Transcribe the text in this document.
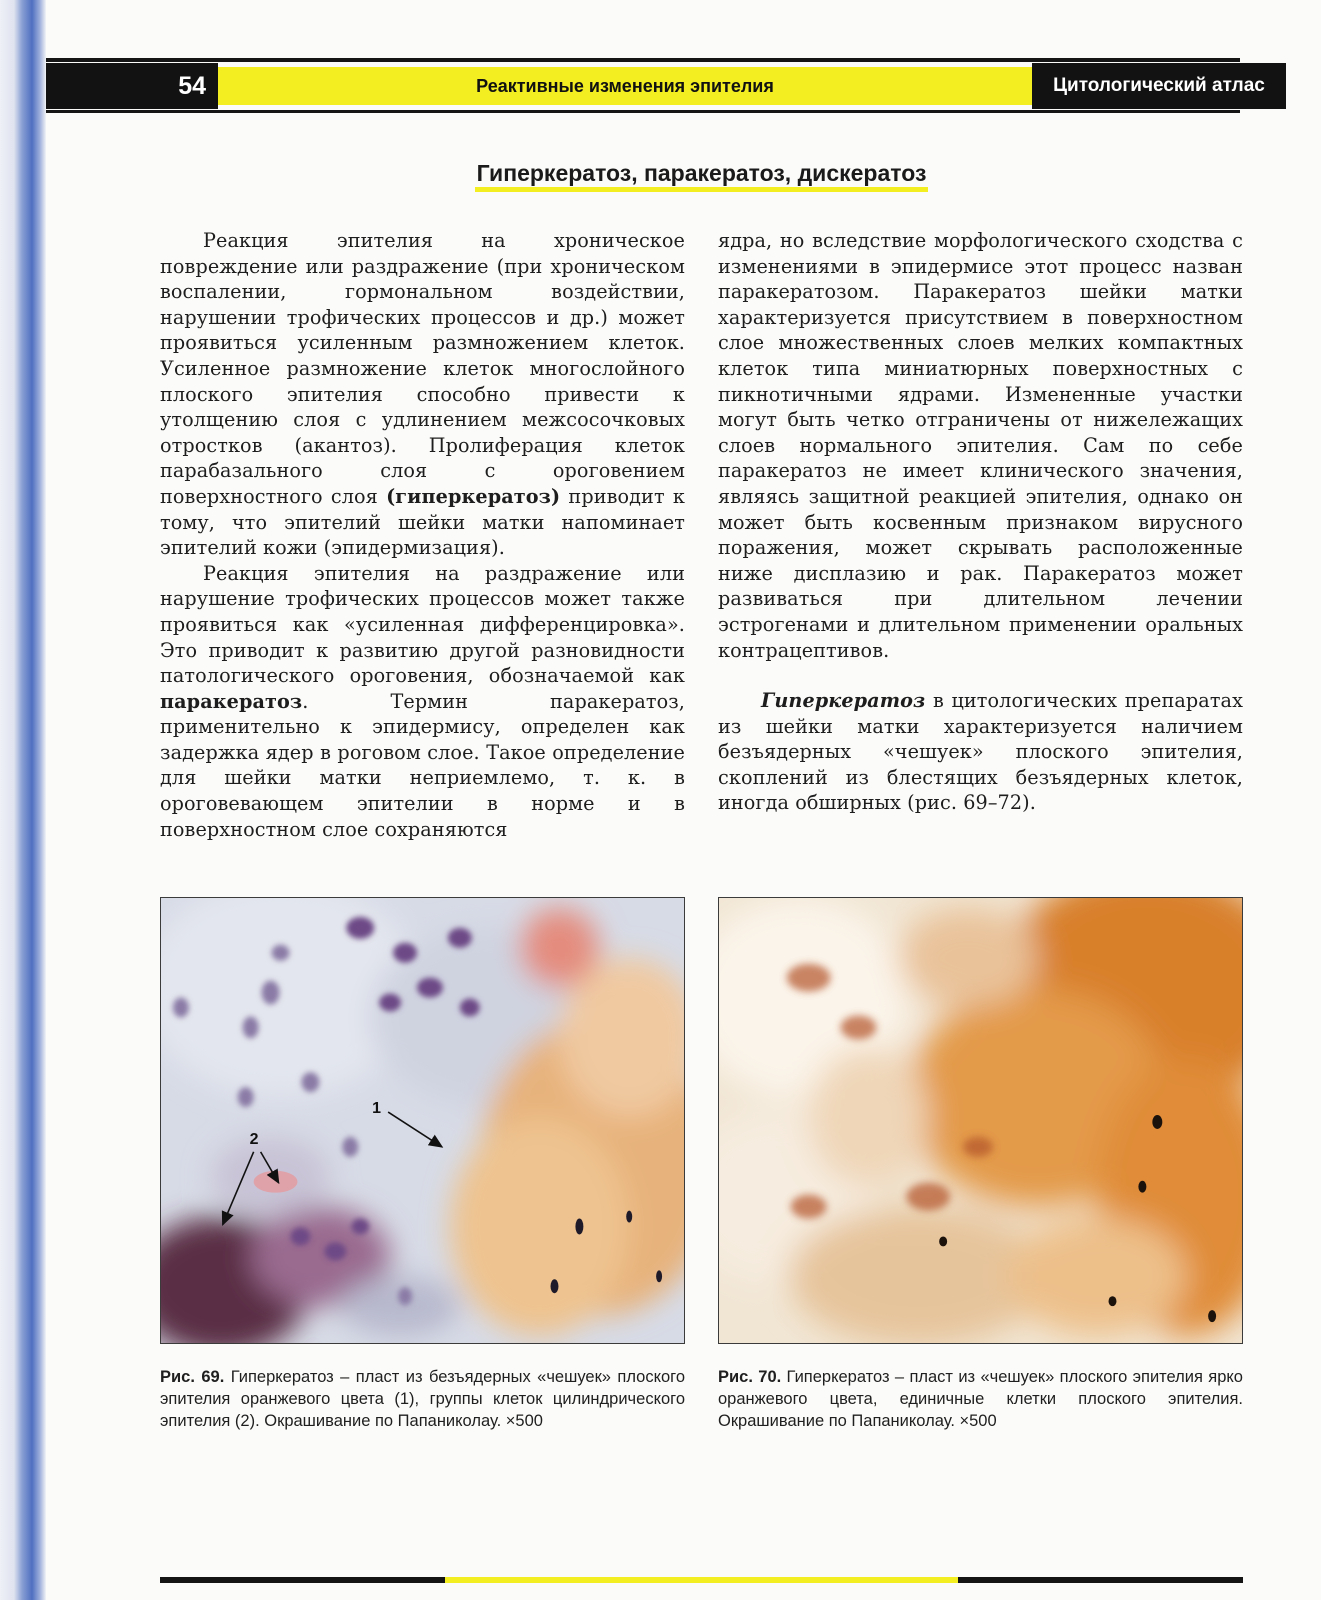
54	Реактивные изменения эпителия	Цитологический атлас
Гиперкератоз, паракератоз, дискератоз

Реакция эпителия на хроническое повреждение или раздражение (при хроническом воспалении, гормональном воздействии, нарушении трофических процессов и др.) может проявиться усиленным размножением клеток. Усиленное размножение клеток многослойного плоского эпителия способно привести к утолщению слоя с удлинением межсосочковых отростков (акантоз). Пролиферация клеток парабазального слоя с ороговением поверхностного слоя (гиперкератоз) приводит к тому, что эпителий шейки матки напоминает эпителий кожи (эпидермизация).

Реакция эпителия на раздражение или нарушение трофических процессов может также проявиться как «усиленная дифференцировка». Это приводит к развитию другой разновидности патологического ороговения, обозначаемой как паракератоз. Термин паракератоз, применительно к эпидермису, определен как задержка ядер в роговом слое. Такое определение для шейки матки неприемлемо, т. к. в ороговевающем эпителии в норме и в поверхностном слое сохраняются

ядра, но вследствие морфологического сходства с изменениями в эпидермисе этот процесс назван паракератозом. Паракератоз шейки матки характеризуется присутствием в поверхностном слое множественных слоев мелких компактных клеток типа миниатюрных поверхностных с пикнотичными ядрами. Измененные участки могут быть четко отграничены от нижележащих слоев нормального эпителия. Сам по себе паракератоз не имеет клинического значения, являясь защитной реакцией эпителия, однако он может быть косвенным признаком вирусного поражения, может скрывать расположенные ниже дисплазию и рак. Паракератоз может развиваться при длительном лечении эстрогенами и длительном применении оральных контрацептивов.

Гиперкератоз в цитологических препаратах из шейки матки характеризуется наличием безъядерных «чешуек» плоского эпителия, скоплений из блестящих безъядерных клеток, иногда обширных (рис. 69–72).

1
2
Рис. 69. Гиперкератоз – пласт из безъядерных «чешуек» плоского эпителия оранжевого цвета (1), группы клеток цилиндрического эпителия (2). Окрашивание по Папаниколау. ×500
Рис. 70. Гиперкератоз – пласт из «чешуек» плоского эпителия ярко оранжевого цвета, единичные клетки плоского эпителия. Окрашивание по Папаниколау. ×500
